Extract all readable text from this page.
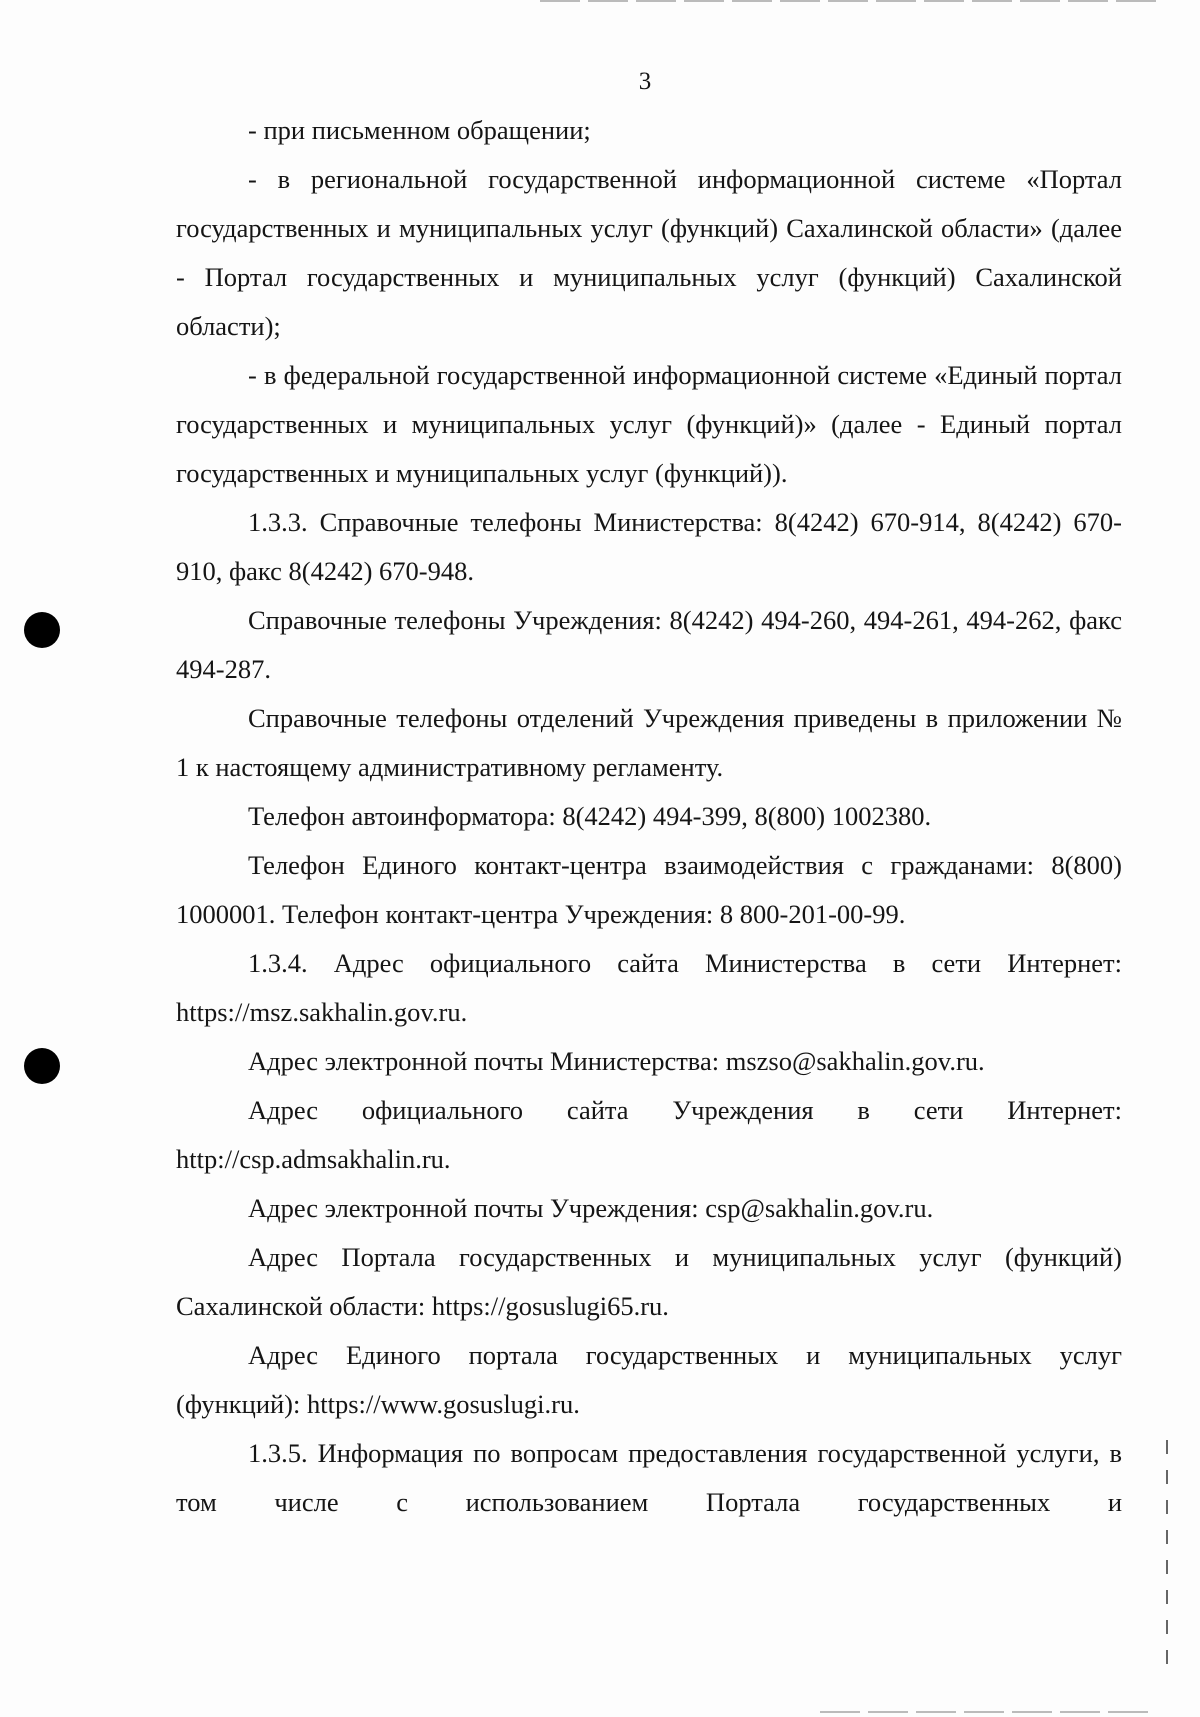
3

- при письменном обращении;

- в региональной государственной информационной системе «Портал государственных и муниципальных услуг (функций) Сахалинской области» (далее - Портал государственных и муниципальных услуг (функций) Сахалинской области);

- в федеральной государственной информационной системе «Единый портал государственных и муниципальных услуг (функций)» (далее - Единый портал государственных и муниципальных услуг (функций)).

1.3.3. Справочные телефоны Министерства: 8(4242) 670-914, 8(4242) 670-910, факс 8(4242) 670-948.

Справочные телефоны Учреждения: 8(4242) 494-260, 494-261, 494-262, факс 494-287.

Справочные телефоны отделений Учреждения приведены в приложении № 1 к настоящему административному регламенту.

Телефон автоинформатора: 8(4242) 494-399, 8(800) 1002380.

Телефон Единого контакт-центра взаимодействия с гражданами: 8(800) 1000001. Телефон контакт-центра Учреждения: 8 800-201-00-99.

1.3.4. Адрес официального сайта Министерства в сети Интернет: https://msz.sakhalin.gov.ru.

Адрес электронной почты Министерства: mszso@sakhalin.gov.ru.

Адрес официального сайта Учреждения в сети Интернет: http://csp.admsakhalin.ru.

Адрес электронной почты Учреждения: csp@sakhalin.gov.ru.

Адрес Портала государственных и муниципальных услуг (функций) Сахалинской области: https://gosuslugi65.ru.

Адрес Единого портала государственных и муниципальных услуг (функций): https://www.gosuslugi.ru.

1.3.5. Информация по вопросам предоставления государственной услуги, в том числе с использованием Портала государственных и
